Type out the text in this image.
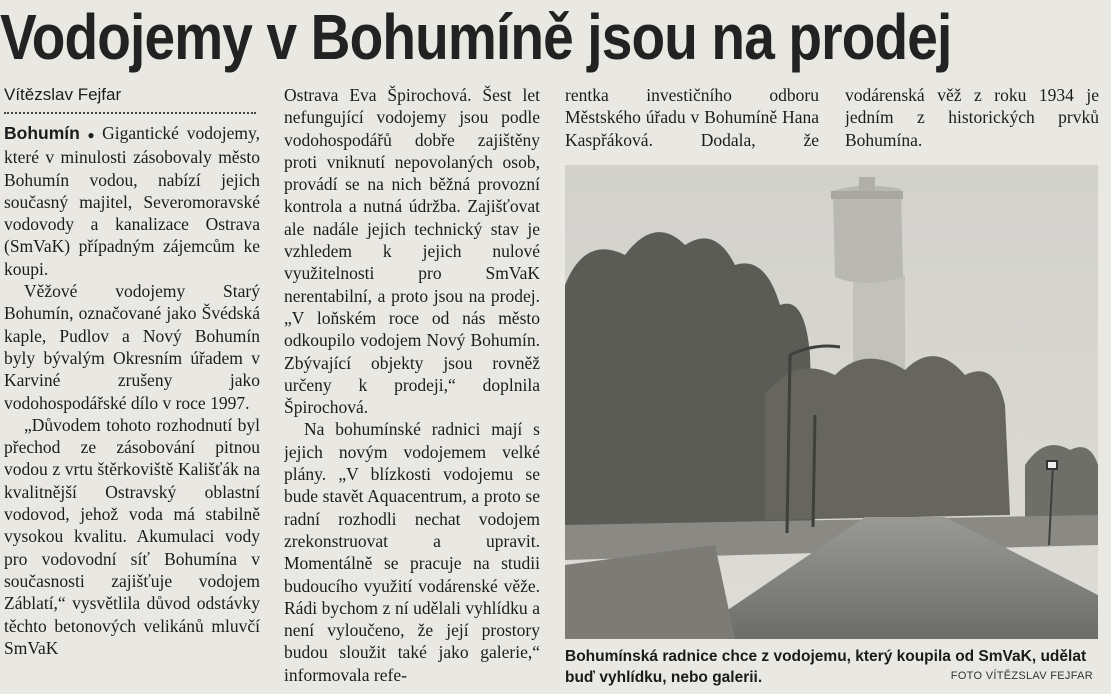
Vodojemy v Bohumíně jsou na prodej
Vítězslav Fejfar

Bohumín ● Gigantické vodojemy, které v minulosti zásobovaly město Bohumín vodou, nabízí jejich současný majitel, Severomoravské vodovody a kanalizace Ostrava (SmVaK) případným zájemcům ke koupi.

Věžové vodojemy Starý Bohumín, označované jako Švédská kaple, Pudlov a Nový Bohumín byly bývalým Okresním úřadem v Karviné zrušeny jako vodohospodářské dílo v roce 1997.

„Důvodem tohoto rozhodnutí byl přechod ze zásobování pitnou vodou z vrtu štěrkoviště Kališťák na kvalitnější Ostravský oblastní vodovod, jehož voda má stabilně vysokou kvalitu. Akumulaci vody pro vodovodní síť Bohumína v současnosti zajišťuje vodojem Záblatí,“ vysvětlila důvod odstávky těchto betonových velikánů mluvčí SmVaK

Ostrava Eva Špirochová. Šest let nefungující vodojemy jsou podle vodohospodářů dobře zajištěny proti vniknutí nepovolaných osob, provádí se na nich běžná provozní kontrola a nutná údržba. Zajišťovat ale nadále jejich technický stav je vzhledem k jejich nulové využitelnosti pro SmVaK nerentabilní, a proto jsou na prodej. „V loňském roce od nás město odkoupilo vodojem Nový Bohumín. Zbývající objekty jsou rovněž určeny k prodeji,“ doplnila Špirochová.

Na bohumínské radnici mají s jejich novým vodojemem velké plány. „V blízkosti vodojemu se bude stavět Aquacentrum, a proto se radní rozhodli nechat vodojem zrekonstruovat a upravit. Momentálně se pracuje na studii budoucího využití vodárenské věže. Rádi bychom z ní udělali vyhlídku a není vyloučeno, že její prostory budou sloužit také jako galerie,“ informovala refe-

rentka investičního odboru Městského úřadu v Bohumíně Hana Kaspřáková. Dodala, že

vodárenská věž z roku 1934 je jedním z historických prvků Bohumína.

Bohumínská radnice chce z vodojemu, který koupila od SmVaK, udělat buď vyhlídku, nebo galerii.	FOTO VÍTĚZSLAV FEJFAR
